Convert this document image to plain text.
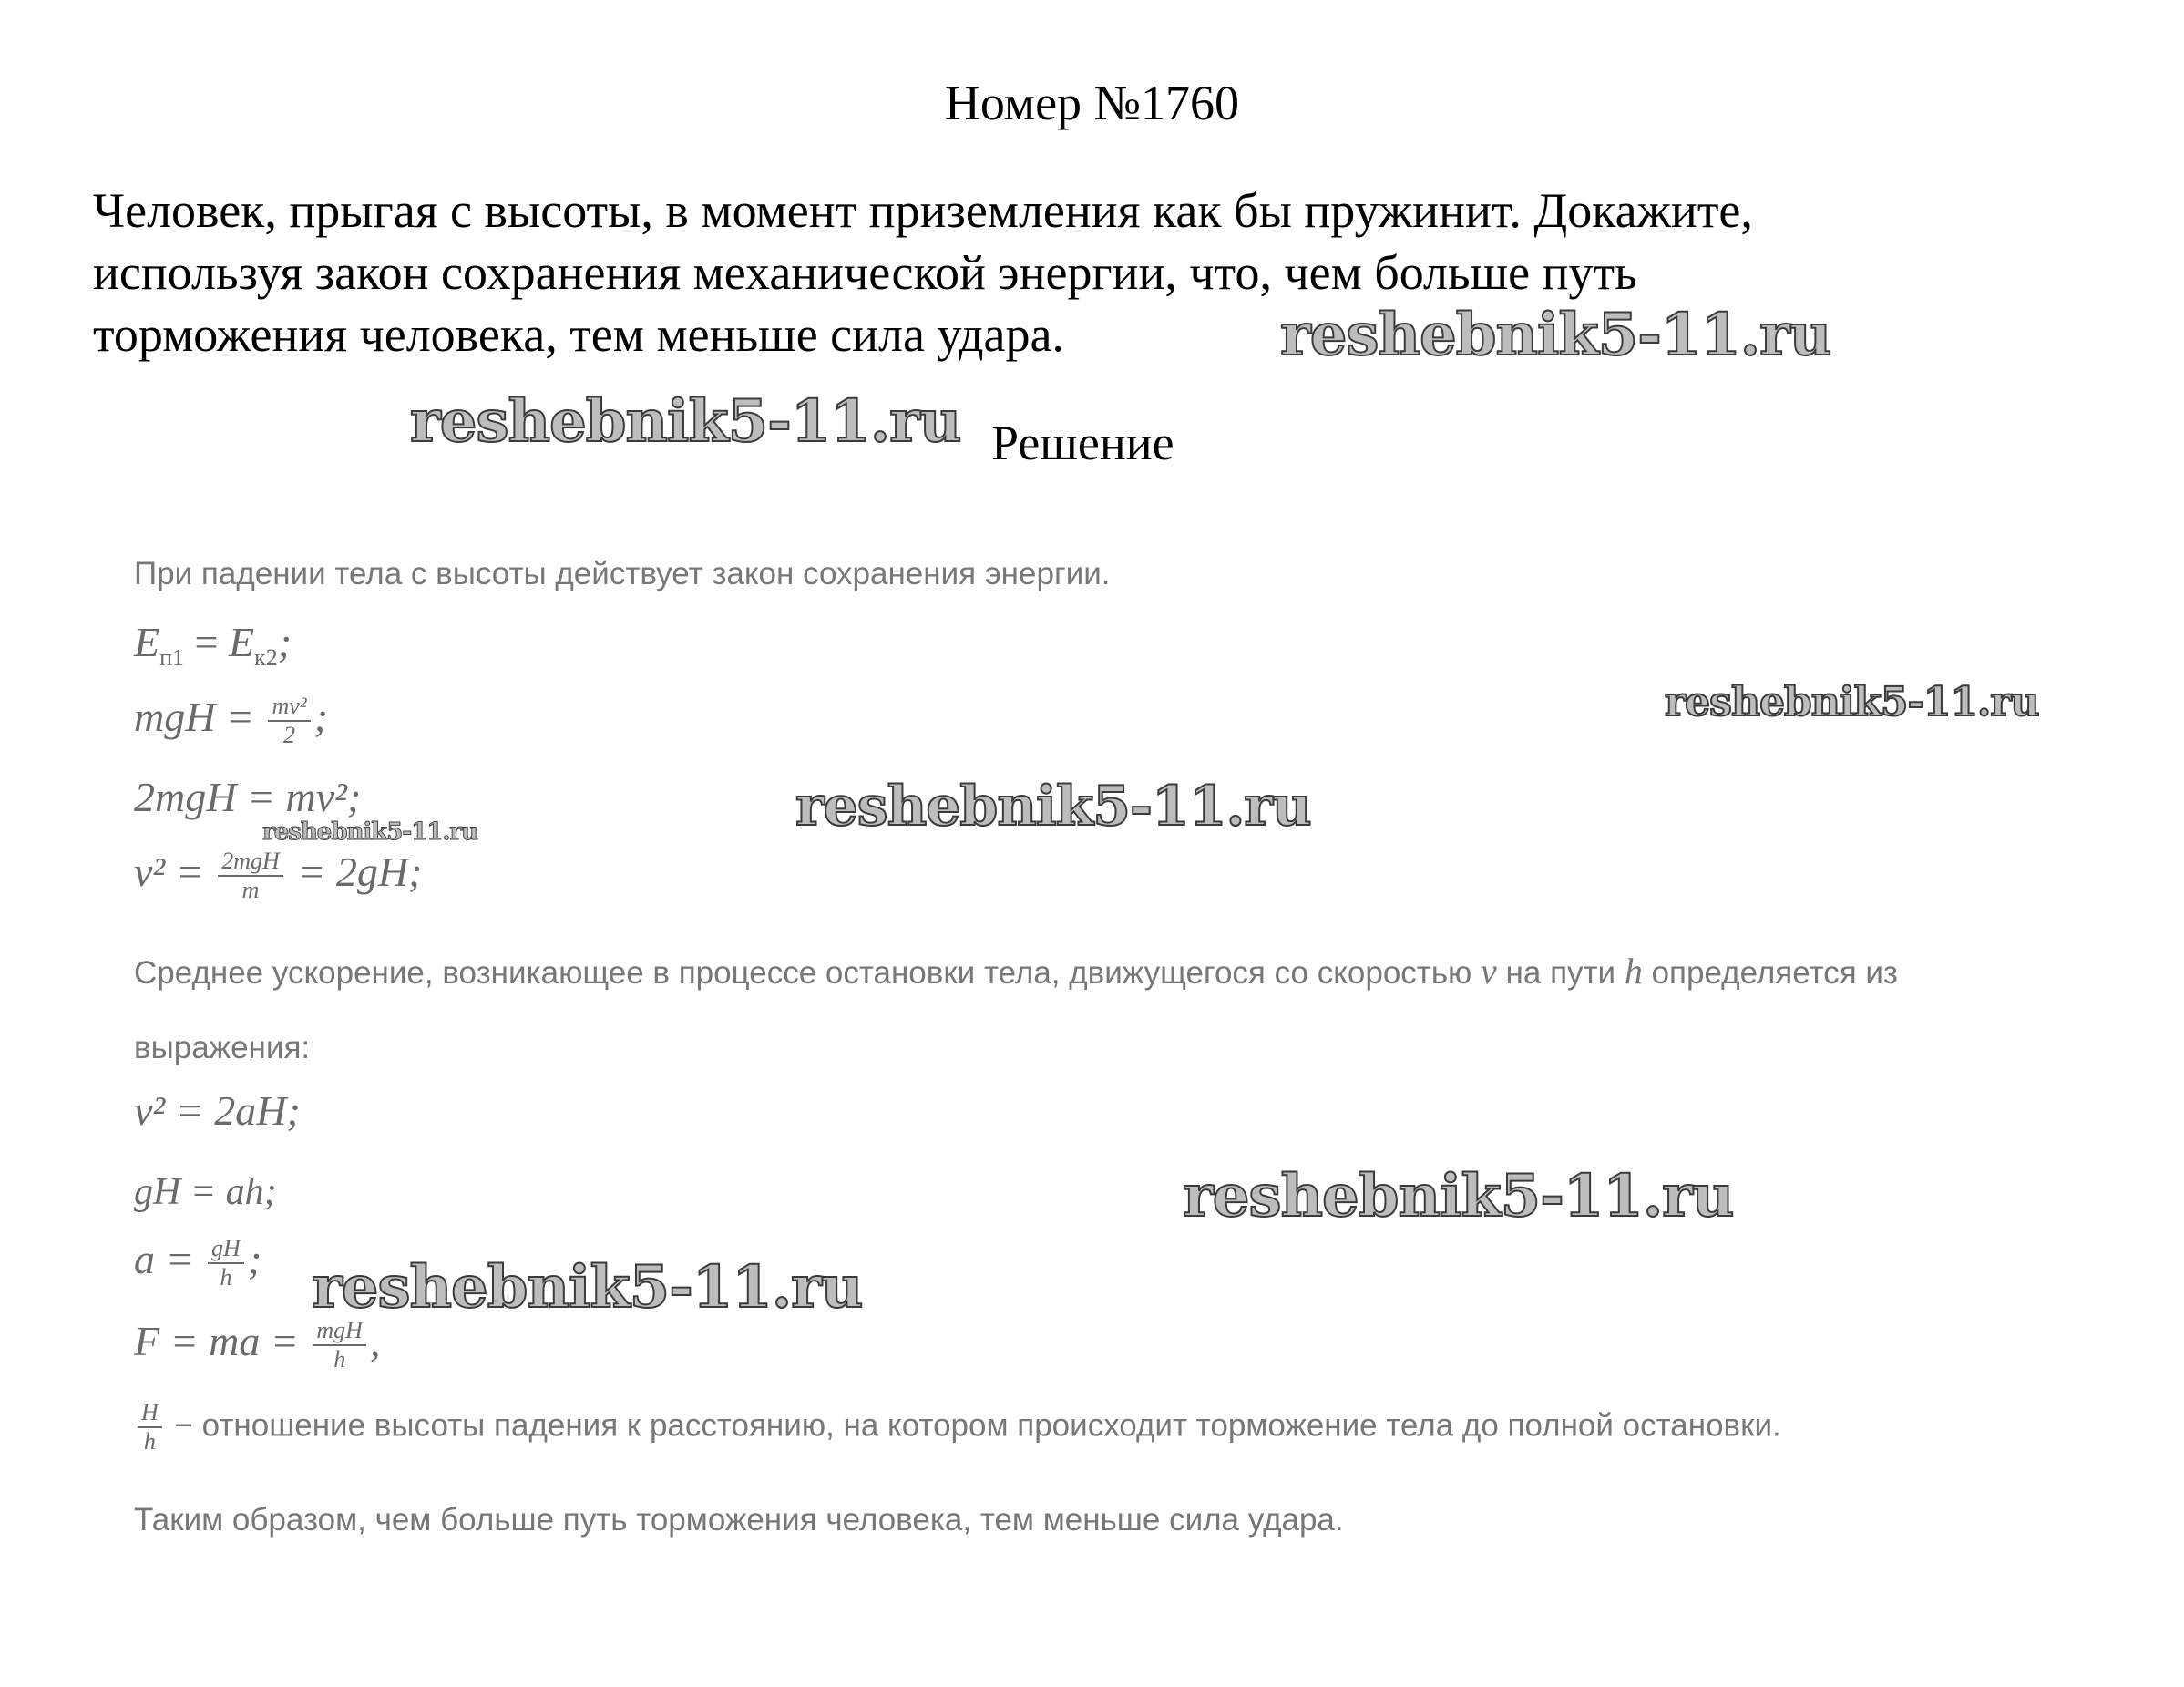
Номер №1760
Человек, прыгая с высоты, в момент приземления как бы пружинит. Докажите,
используя закон сохранения механической энергии, что, чем больше путь
торможения человека, тем меньше сила удара.	reshebnik5-11.ru
reshebnik5-11.ru Решение
При падении тела с высоты действует закон сохранения энергии.
$E_{п1} = E_{к2}$;
mgH = $\frac{\text{mv²}}{2}$ ;	reshebnik5-11.ru
2mgH = mv²;
reshebnik5-11.ru	reshebnik5-11.ru
$v^2 = \frac{\text{2mgH}}{m} = 2gH$;
Среднее ускорение, возникающее в процессе остановки тела, движущегося со скоростью v на пути h определяется из
выражения:
v² = 2aH;
gH = ah;	reshebnik5-11.ru
$a = \frac{gH}{h}$ ; reshebnik5-11.ru
F = ma = $\frac{\text{mgH}}{h}$ ,
$\frac{H}{h}$ − отношение высоты падения к расстоянию, на котором происходит торможение тела до полной остановки.
Таким образом, чем больше путь торможения человека, тем меньше сила удара.
